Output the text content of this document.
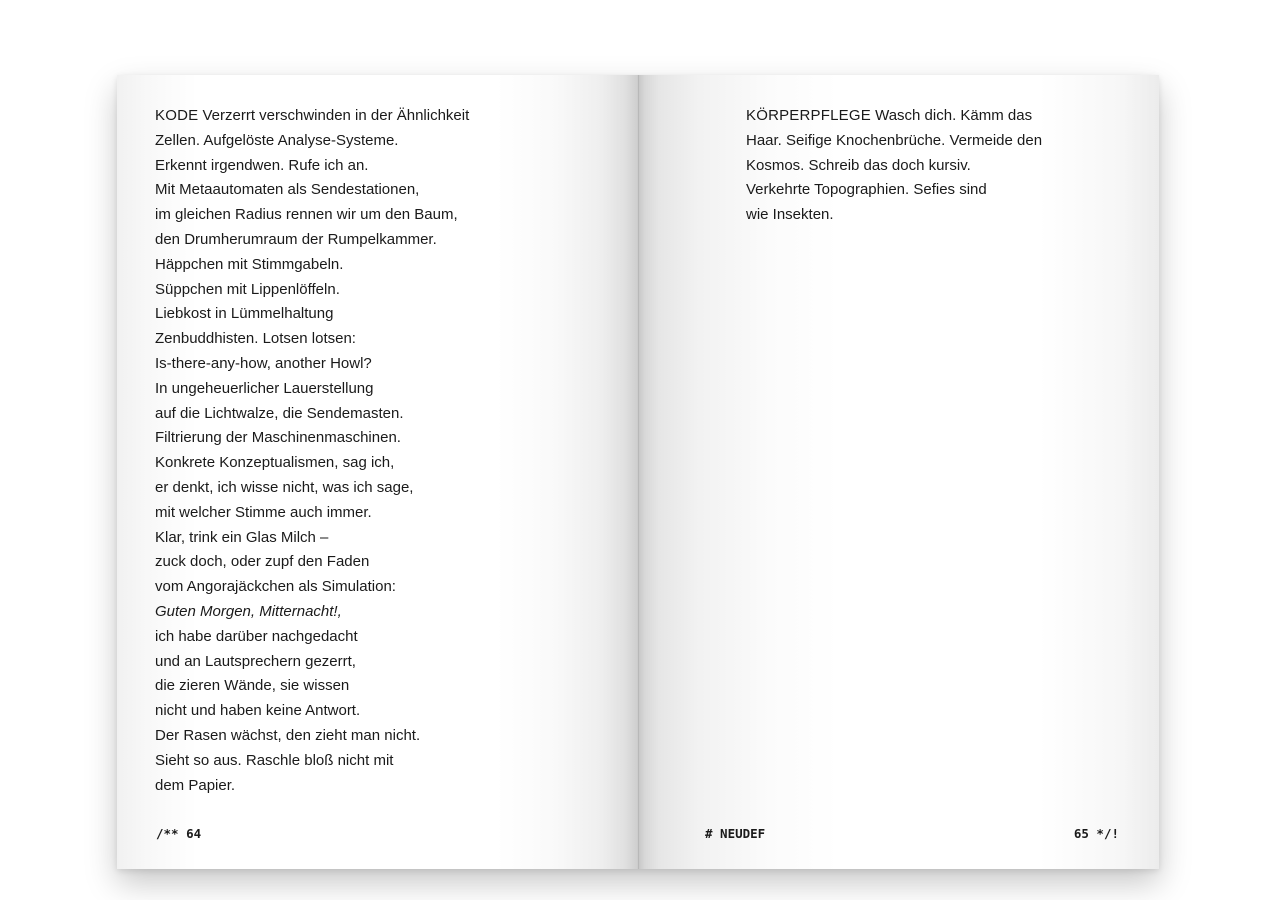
KODE Verzerrt verschwinden in der Ähnlichkeit
Zellen. Aufgelöste Analyse-Systeme.
Erkennt irgendwen. Rufe ich an.
Mit Metaautomaten als Sendestationen,
im gleichen Radius rennen wir um den Baum,
den Drumherumraum der Rumpelkammer.
Häppchen mit Stimmgabeln.
Süppchen mit Lippenlöffeln.
Liebkost in Lümmelhaltung
Zenbuddhisten. Lotsen lotsen:
Is-there-any-how, another Howl?
In ungeheuerlicher Lauerstellung
auf die Lichtwalze, die Sendemasten.
Filtrierung der Maschinenmaschinen.
Konkrete Konzeptualismen, sag ich,
er denkt, ich wisse nicht, was ich sage,
mit welcher Stimme auch immer.
Klar, trink ein Glas Milch –
zuck doch, oder zupf den Faden
vom Angorajäckchen als Simulation:
Guten Morgen, Mitternacht!,
ich habe darüber nachgedacht
und an Lautsprechern gezerrt,
die zieren Wände, sie wissen
nicht und haben keine Antwort.
Der Rasen wächst, den zieht man nicht.
Sieht so aus. Raschle bloß nicht mit
dem Papier.
/** 64
KÖRPERPFLEGE Wasch dich. Kämm das
Haar. Seifige Knochenbrüche. Vermeide den
Kosmos. Schreib das doch kursiv.
Verkehrte Topographien. Sefies sind
wie Insekten.
# NEUDEF	65 */!
